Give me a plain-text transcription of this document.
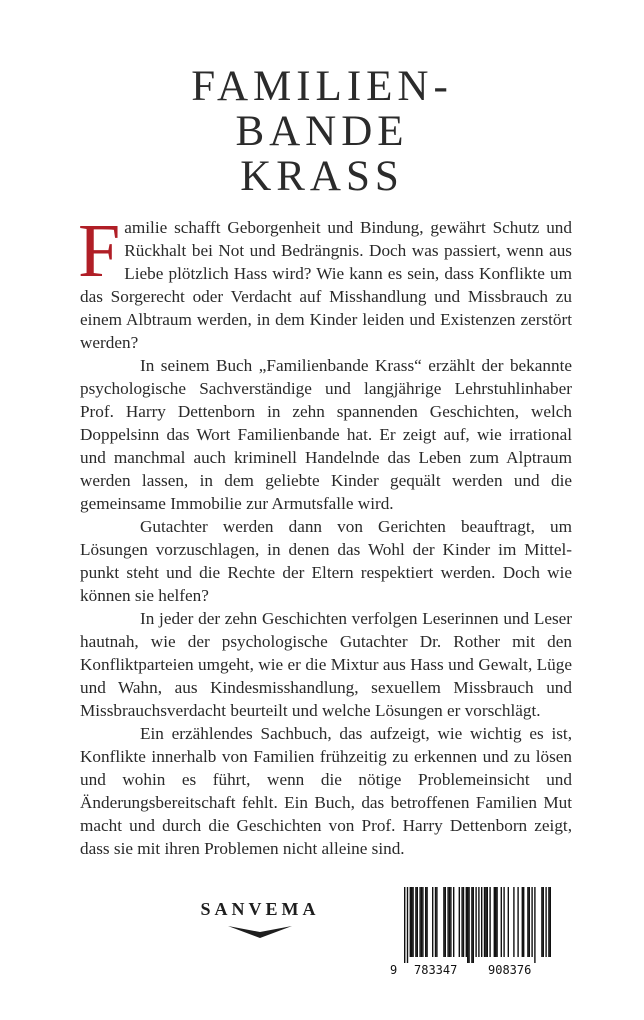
FAMILIEN-
BANDE
KRASS

Familie schafft Geborgenheit und Bindung, gewährt Schutz und Rückhalt bei Not und Bedrängnis. Doch was passiert, wenn aus Liebe plötzlich Hass wird? Wie kann es sein, dass Konflikte um das Sorgerecht oder Verdacht auf Misshandlung und Missbrauch zu einem Albtraum werden, in dem Kinder leiden und Existenzen zerstört werden?

In seinem Buch „Familienbande Krass“ erzählt der bekannte psychologische Sachverständige und langjährige Lehrstuhlinhaber Prof. Harry Dettenborn in zehn spannenden Geschichten, welch Doppelsinn das Wort Familienbande hat. Er zeigt auf, wie irrational und manchmal auch kriminell Handelnde das Leben zum Alptraum werden lassen, in dem geliebte Kinder gequält werden und die gemeinsame Immobilie zur Armutsfalle wird.

Gutachter werden dann von Gerichten beauftragt, um Lösungen vorzuschlagen, in denen das Wohl der Kinder im Mittelpunkt steht und die Rechte der Eltern respektiert werden. Doch wie können sie helfen?

In jeder der zehn Geschichten verfolgen Leserinnen und Leser hautnah, wie der psychologische Gutachter Dr. Rother mit den Konfliktparteien umgeht, wie er die Mixtur aus Hass und Gewalt, Lüge und Wahn, aus Kindesmisshandlung, sexuellem Missbrauch und Missbrauchsverdacht beurteilt und welche Lösungen er vorschlägt.

Ein erzählendes Sachbuch, das aufzeigt, wie wichtig es ist, Konflikte innerhalb von Familien frühzeitig zu erkennen und zu lösen und wohin es führt, wenn die nötige Problemeinsicht und Änderungsbereitschaft fehlt. Ein Buch, das betroffenen Familien Mut macht und durch die Geschichten von Prof. Harry Dettenborn zeigt, dass sie mit ihren Problemen nicht alleine sind.

SANVEMA
9 783347	908376
